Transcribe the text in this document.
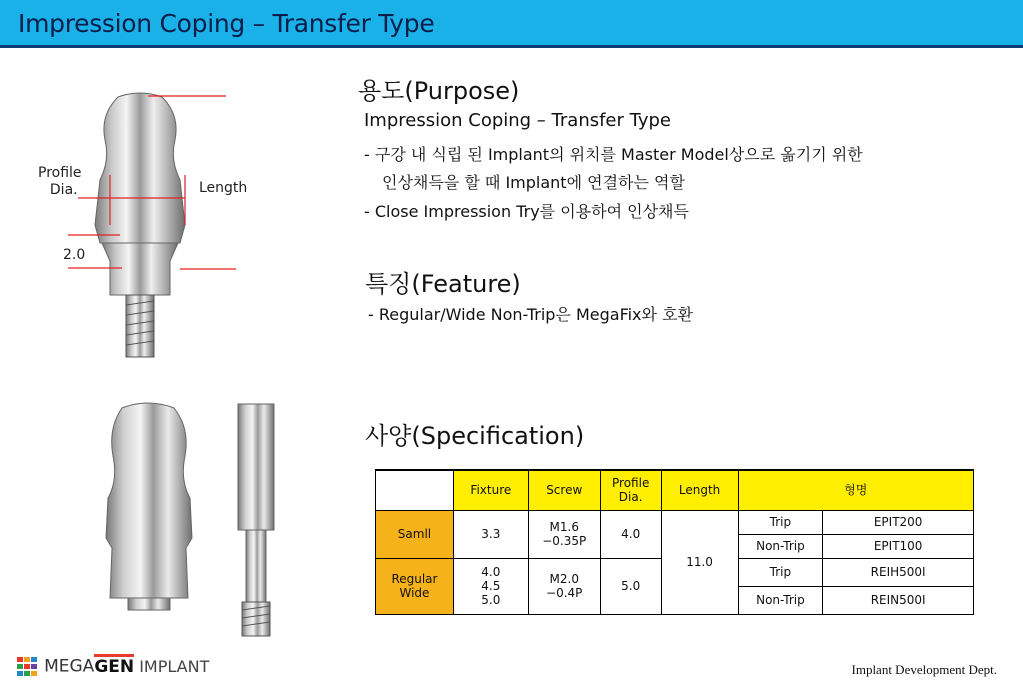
Impression Coping – Transfer Type
Profile
Dia.	Length
2.0
용도(Purpose)
Impression Coping – Transfer Type
- 구강 내 식립 된 Implant의 위치를 Master Model상으로 옮기기 위한
인상채득을 할 때 Implant에 연결하는 역할
- Close Impression Try를 이용하여 인상채득
특징(Feature)
- Regular/Wide Non-Trip은 MegaFix와 호환
사양(Specification)
	Fixture	Screw	Profile Dia.	Length	형명	
Samll	3.3	M1.6 −0.35P	4.0	11.0	Trip	EPIT200
					Non-Trip	EPIT100
Regular Wide	4.0 4.5 5.0	M2.0 −0.4P	5.0		Trip	REIH500I
					Non-Trip	REIN500I
MEGAGEN IMPLANT	Implant Development Dept.
